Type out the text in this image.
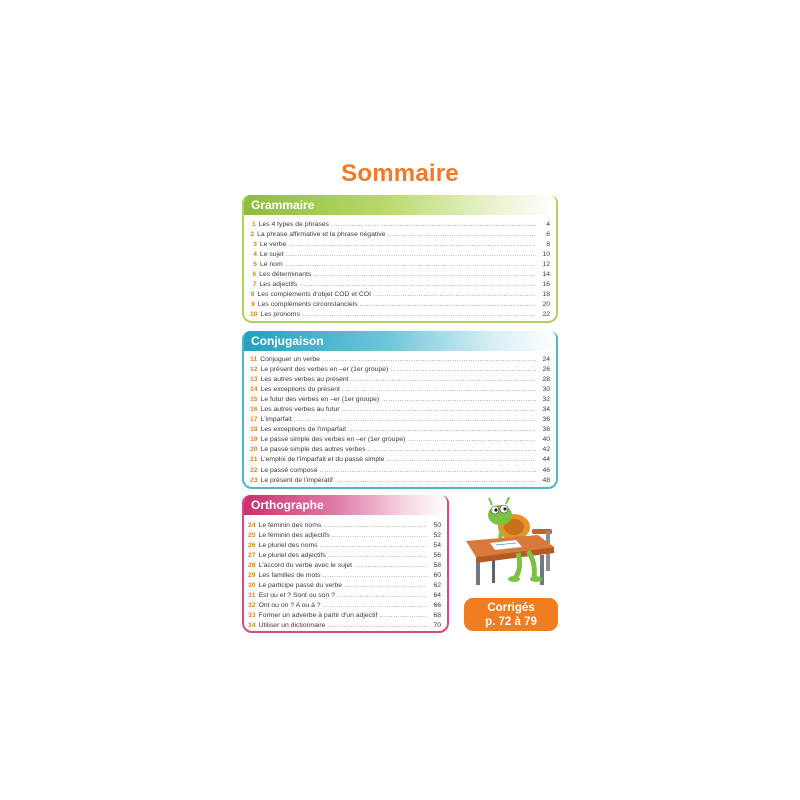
Sommaire
Grammaire
1 Les 4 types de phrases .....	4
2 La phrase affirmative et la phrase négative .....	6
3 Le verbe .....	8
4 Le sujet .....	10
5 Le nom .....	12
6 Les déterminants .....	14
7 Les adjectifs .....	16
8 Les compléments d'objet COD et COI .....	18
9 Les compléments circonstanciels .....	20
10 Les pronoms .....	22
Conjugaison
11 Conjuguer un verbe .....	24
12 Le présent des verbes en –er (1er groupe) .....	26
13 Les autres verbes au présent .....	28
14 Les exceptions du présent .....	30
15 Le futur des verbes en –er (1er groupe) .....	32
16 Les autres verbes au futur .....	34
17 L'imparfait .....	36
18 Les exceptions de l'imparfait .....	38
19 Le passé simple des verbes en –er (1er groupe) .....	40
20 Le passé simple des autres verbes .....	42
21 L'emploi de l'imparfait et du passé simple .....	44
22 Le passé composé .....	46
23 Le présent de l'impératif .....	48
Orthographe
24 Le féminin des noms .....	50
25 Le féminin des adjectifs .....	52
26 Le pluriel des noms .....	54
27 Le pluriel des adjectifs .....	56
28 L'accord du verbe avec le sujet .....	58
29 Les familles de mots .....	60
30 Le participe passé du verbe .....	62
31 Est ou et ? Sont ou son ? .....	64
32 Ont ou on ? A ou à ? .....	66
33 Former un adverbe à partir d'un adjectif .....	68
34 Utiliser un dictionnaire .....	70
Corrigés
p. 72 à 79
